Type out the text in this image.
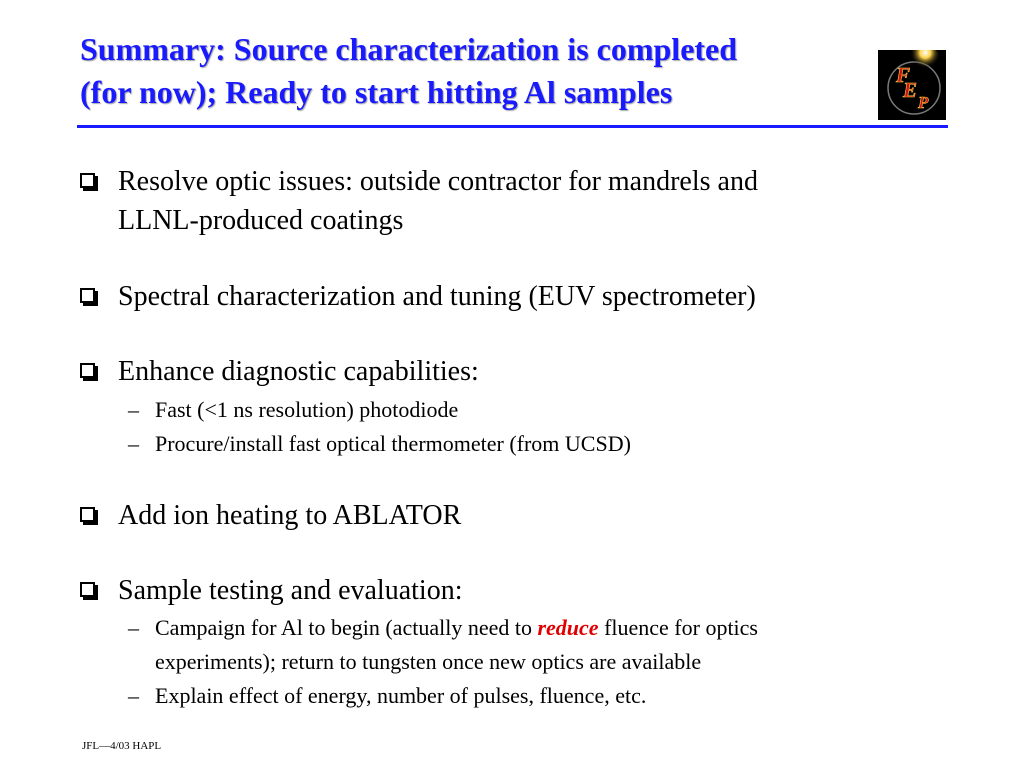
Summary: Source characterization is completed
(for now); Ready to start hitting Al samples	F
E
P
Resolve optic issues: outside contractor for mandrels and
LLNL-produced coatings
Spectral characterization and tuning (EUV spectrometer)
Enhance diagnostic capabilities:
– Fast (<1 ns resolution) photodiode
– Procure/install fast optical thermometer (from UCSD)
Add ion heating to ABLATOR
Sample testing and evaluation:
– Campaign for Al to begin (actually need to reduce fluence for optics
experiments); return to tungsten once new optics are available
– Explain effect of energy, number of pulses, fluence, etc.
JFL—4/03 HAPL
